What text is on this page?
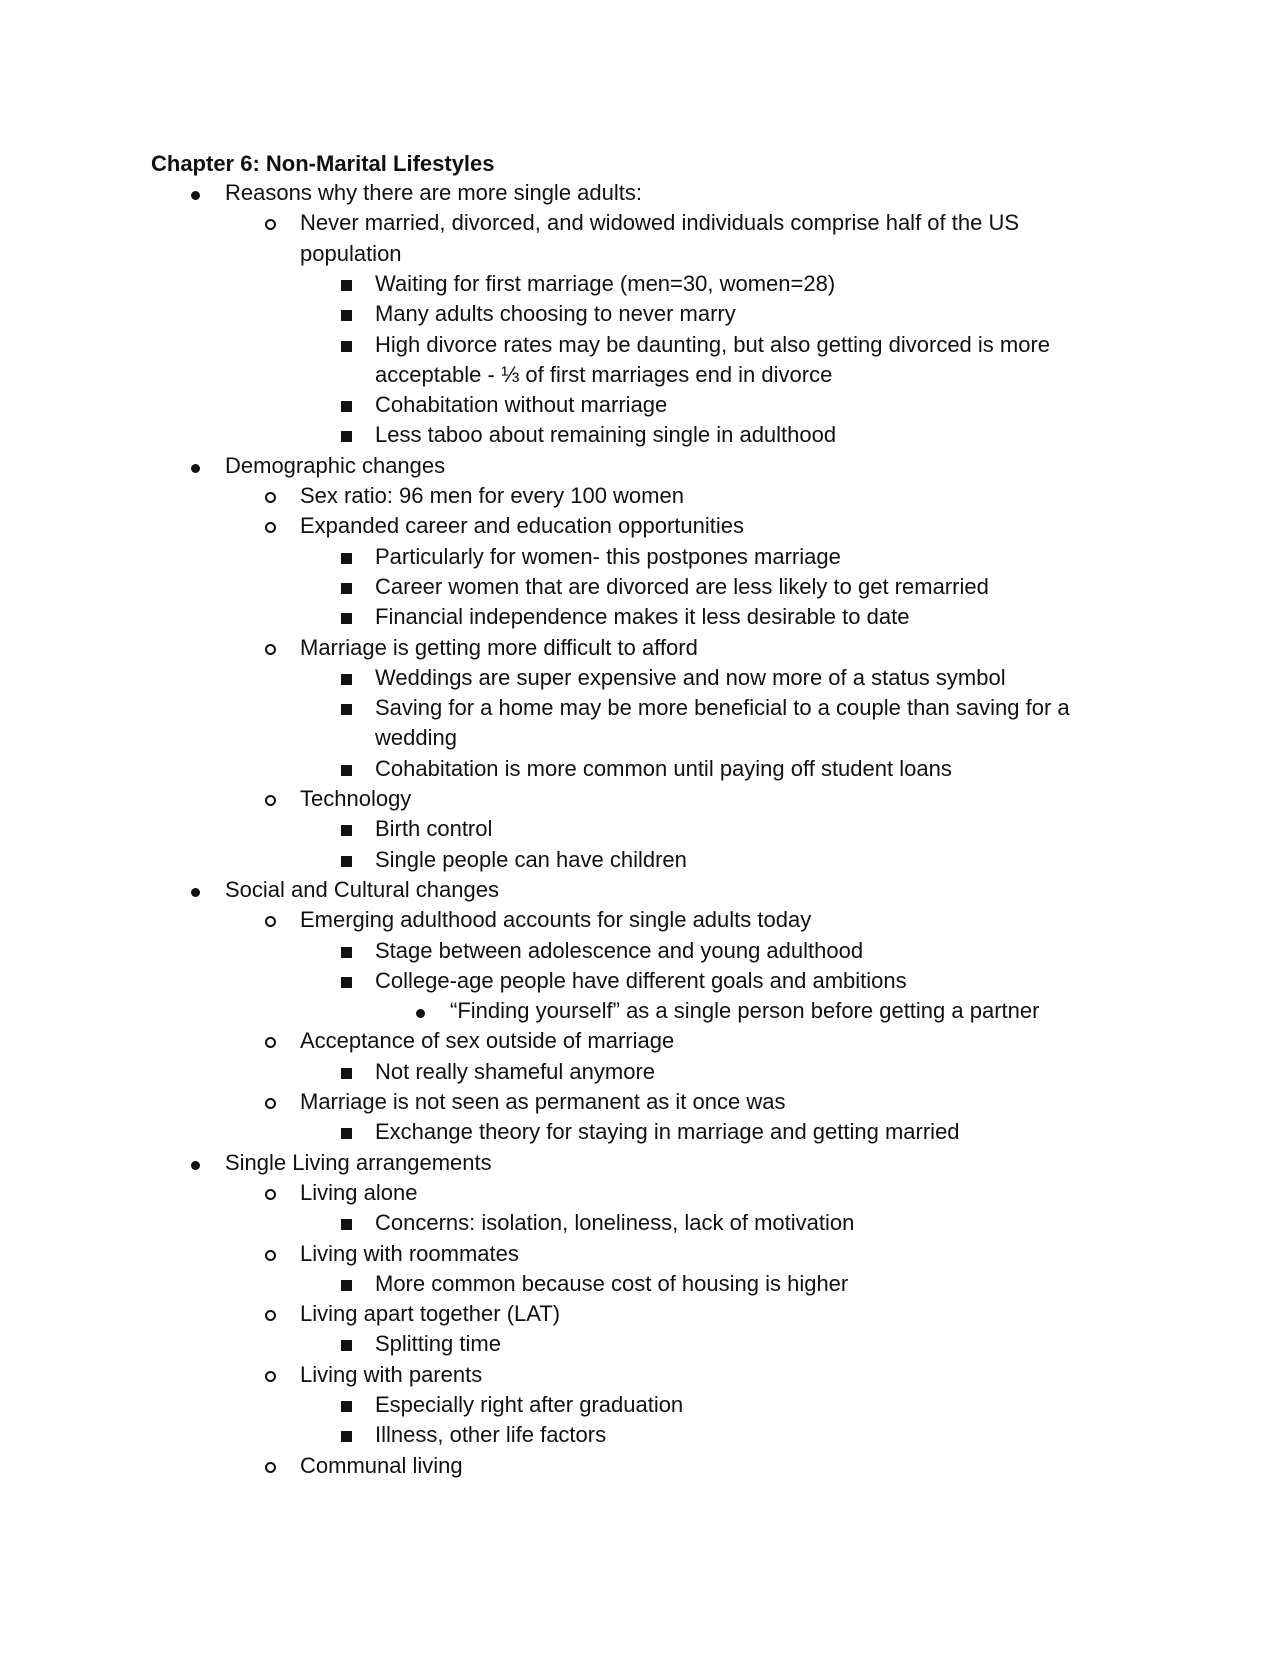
Chapter 6: Non-Marital Lifestyles
Reasons why there are more single adults:
Never married, divorced, and widowed individuals comprise half of the US
population
Waiting for first marriage (men=30, women=28)
Many adults choosing to never marry
High divorce rates may be daunting, but also getting divorced is more
acceptable - ⅓ of first marriages end in divorce
Cohabitation without marriage
Less taboo about remaining single in adulthood
Demographic changes
Sex ratio: 96 men for every 100 women
Expanded career and education opportunities
Particularly for women- this postpones marriage
Career women that are divorced are less likely to get remarried
Financial independence makes it less desirable to date
Marriage is getting more difficult to afford
Weddings are super expensive and now more of a status symbol
Saving for a home may be more beneficial to a couple than saving for a
wedding
Cohabitation is more common until paying off student loans
Technology
Birth control
Single people can have children
Social and Cultural changes
Emerging adulthood accounts for single adults today
Stage between adolescence and young adulthood
College-age people have different goals and ambitions
“Finding yourself” as a single person before getting a partner
Acceptance of sex outside of marriage
Not really shameful anymore
Marriage is not seen as permanent as it once was
Exchange theory for staying in marriage and getting married
Single Living arrangements
Living alone
Concerns: isolation, loneliness, lack of motivation
Living with roommates
More common because cost of housing is higher
Living apart together (LAT)
Splitting time
Living with parents
Especially right after graduation
Illness, other life factors
Communal living
